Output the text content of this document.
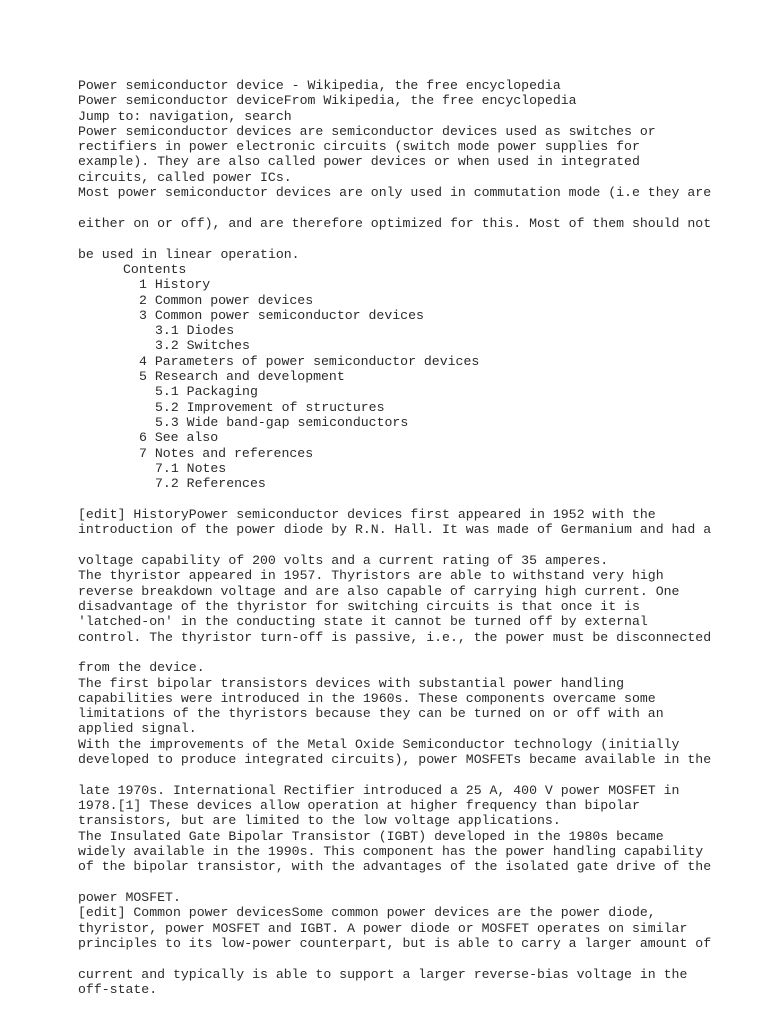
Power semiconductor device - Wikipedia, the free encyclopedia
Power semiconductor deviceFrom Wikipedia, the free encyclopedia
Jump to: navigation, search
Power semiconductor devices are semiconductor devices used as switches or
rectifiers in power electronic circuits (switch mode power supplies for
example). They are also called power devices or when used in integrated
circuits, called power ICs.
Most power semiconductor devices are only used in commutation mode (i.e they are
either on or off), and are therefore optimized for this. Most of them should not
be used in linear operation.
Contents
1 History
2 Common power devices
3 Common power semiconductor devices
3.1 Diodes
3.2 Switches
4 Parameters of power semiconductor devices
5 Research and development
5.1 Packaging
5.2 Improvement of structures
5.3 Wide band-gap semiconductors
6 See also
7 Notes and references
7.1 Notes
7.2 References
[edit] HistoryPower semiconductor devices first appeared in 1952 with the
introduction of the power diode by R.N. Hall. It was made of Germanium and had a
voltage capability of 200 volts and a current rating of 35 amperes.
The thyristor appeared in 1957. Thyristors are able to withstand very high
reverse breakdown voltage and are also capable of carrying high current. One
disadvantage of the thyristor for switching circuits is that once it is
'latched-on' in the conducting state it cannot be turned off by external
control. The thyristor turn-off is passive, i.e., the power must be disconnected
from the device.
The first bipolar transistors devices with substantial power handling
capabilities were introduced in the 1960s. These components overcame some
limitations of the thyristors because they can be turned on or off with an
applied signal.
With the improvements of the Metal Oxide Semiconductor technology (initially
developed to produce integrated circuits), power MOSFETs became available in the
late 1970s. International Rectifier introduced a 25 A, 400 V power MOSFET in
1978.[1] These devices allow operation at higher frequency than bipolar
transistors, but are limited to the low voltage applications.
The Insulated Gate Bipolar Transistor (IGBT) developed in the 1980s became
widely available in the 1990s. This component has the power handling capability
of the bipolar transistor, with the advantages of the isolated gate drive of the
power MOSFET.
[edit] Common power devicesSome common power devices are the power diode,
thyristor, power MOSFET and IGBT. A power diode or MOSFET operates on similar
principles to its low-power counterpart, but is able to carry a larger amount of
current and typically is able to support a larger reverse-bias voltage in the
off-state.
